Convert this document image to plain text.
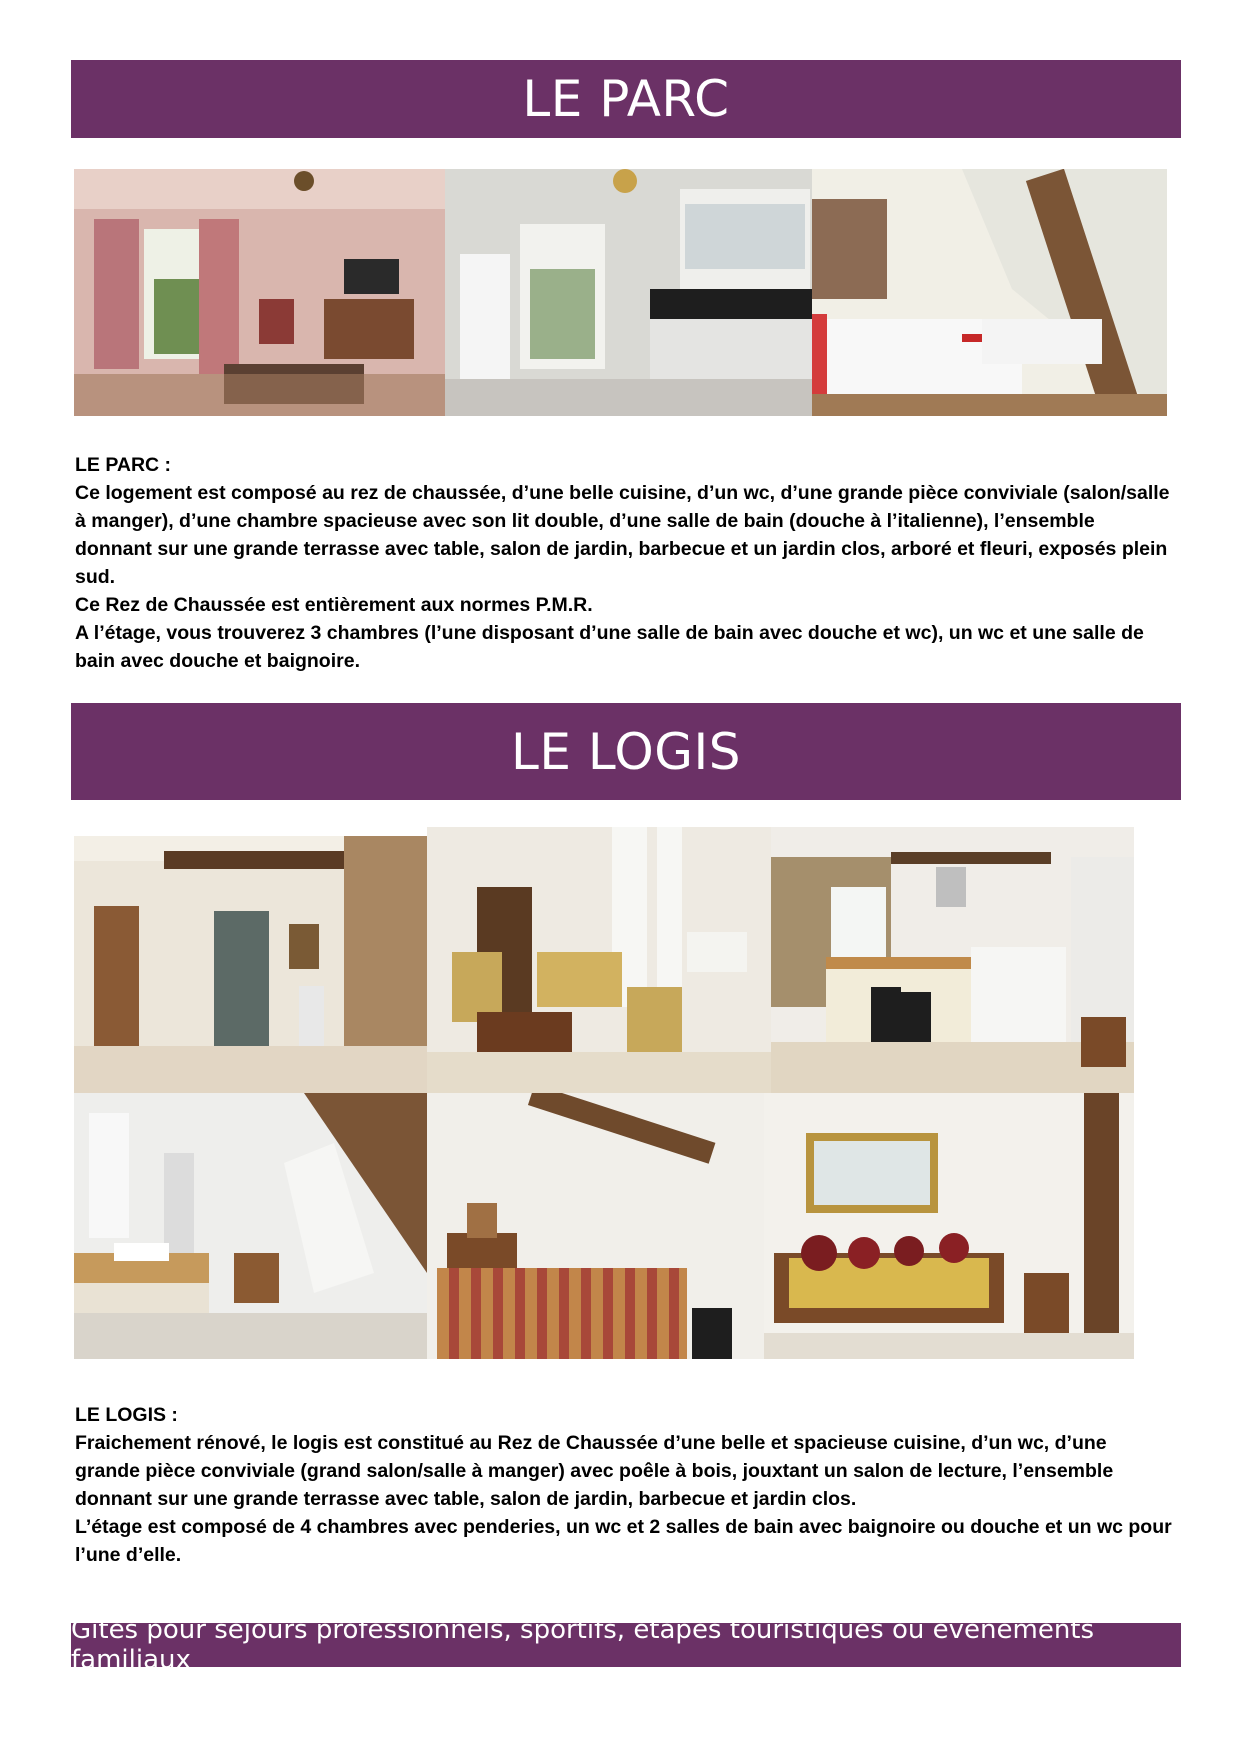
LE PARC

LE PARC :

Ce logement est composé au rez de chaussée, d’une belle cuisine, d’un wc, d’une grande pièce conviviale (salon/salle à manger), d’une chambre spacieuse avec son lit double, d’une salle de bain (douche à l’italienne), l’ensemble donnant sur une grande terrasse avec table, salon de jardin, barbecue et un jardin clos, arboré et fleuri, exposés plein sud.

Ce Rez de Chaussée est entièrement aux normes P.M.R.

A l’étage, vous trouverez 3 chambres (l’une disposant d’une salle de bain avec douche et wc), un wc et une salle de bain avec douche et baignoire.

LE LOGIS

LE LOGIS :

Fraichement rénové, le logis est constitué au Rez de Chaussée d’une belle et spacieuse cuisine, d’un wc, d’une grande pièce conviviale (grand salon/salle à manger) avec poêle à bois, jouxtant un salon de lecture, l’ensemble donnant sur une grande terrasse avec table, salon de jardin, barbecue et jardin clos.

L’étage est composé de 4 chambres avec penderies, un wc et 2 salles de bain avec baignoire ou douche et un wc pour l’une d’elle.

Gites pour séjours professionnels, sportifs, étapes touristiques ou événements familiaux
